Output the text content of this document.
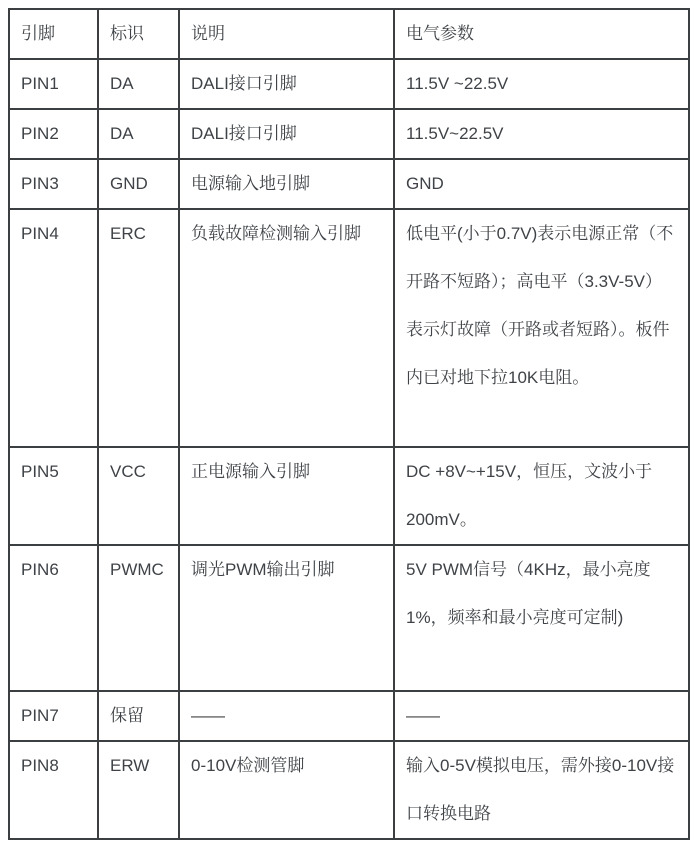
引脚	标识	说明	电气参数
PIN1	DA	DALI接口引脚	11.5V ~22.5V
PIN2	DA	DALI接口引脚	11.5V~22.5V
PIN3	GND	电源输入地引脚	GND
PIN4	ERC	负载故障检测输入引脚	低电平(小于0.7V)表示电源正常（不开路不短路）；高电平（3.3V-5V）表示灯故障（开路或者短路）。板件内已对地下拉10K电阻。
PIN5	VCC	正电源输入引脚	DC +8V~+15V，恒压，文波小于200mV。
PIN6	PWMC	调光PWM输出引脚	5V PWM信号（4KHz，最小亮度1%，频率和最小亮度可定制)
PIN7	保留	——	——
PIN8	ERW	0-10V检测管脚	输入0-5V模拟电压，需外接0-10V接口转换电路
